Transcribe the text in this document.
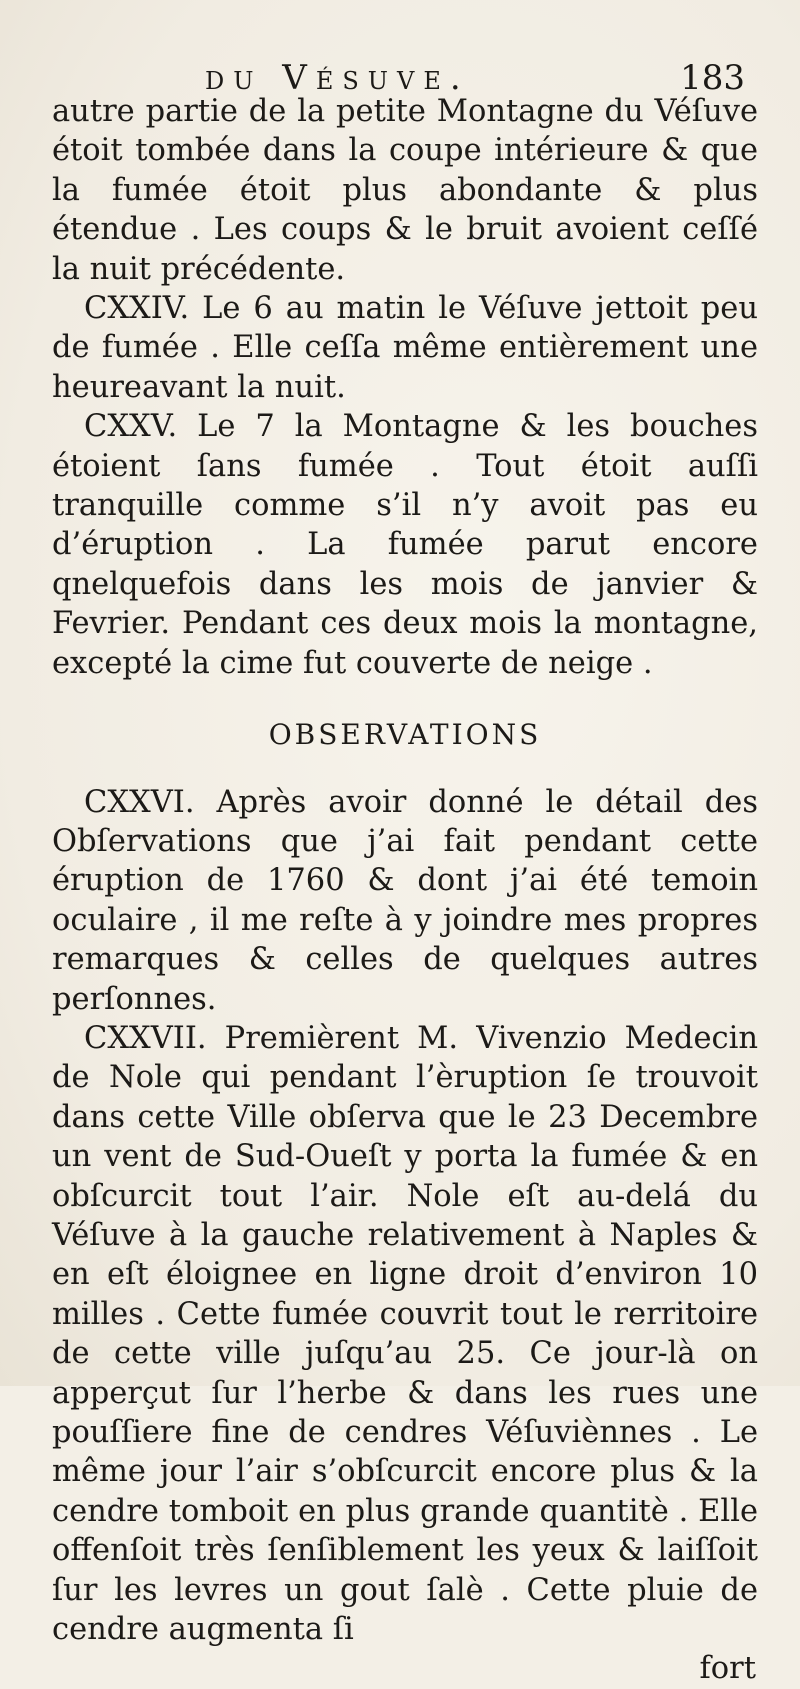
du Vésuve.	183

autre partie de la petite Montagne du Véſuve étoit tombée dans la coupe intérieure & que la fumée étoit plus abondante & plus étendue . Les coups & le bruit avoient ceſſé la nuit précédente.

CXXIV. Le 6 au matin le Véſuve jettoit peu de fumée . Elle ceſſa même entièrement une heureavant la nuit.

CXXV. Le 7 la Montagne & les bouches étoient ſans fumée . Tout étoit auſſi tranquille comme s’il n’y avoit pas eu d’éruption . La fumée parut encore qnelquefois dans les mois de janvier & Fevrier. Pendant ces deux mois la montagne, excepté la cime fut couverte de neige .

OBSERVATIONS

CXXVI. Après avoir donné le détail des Obſervations que j’ai fait pendant cette éruption de 1760 & dont j’ai été temoin oculaire , il me reſte à y joindre mes propres remarques & celles de quelques autres perſonnes.

CXXVII. Premièrent M. Vivenzio Medecin de Nole qui pendant l’èruption ſe trouvoit dans cette Ville obſerva que le 23 Decembre un vent de Sud-Oueſt y porta la fumée & en obſcurcit tout l’air. Nole eſt au-delá du Véſuve à la gauche relativement à Naples & en eſt éloignee en ligne droit d’environ 10 milles . Cette fumée couvrit tout le rerritoire de cette ville juſqu’au 25. Ce jour-là on apperçut ſur l’herbe & dans les rues une pouſſiere fine de cendres Véſuviènnes . Le même jour l’air s’obſcurcit encore plus & la cendre tomboit en plus grande quantitè . Elle offenſoit très ſenſiblement les yeux & laiſſoit ſur les levres un gout ſalè . Cette pluie de cendre augmenta ſi

fort
